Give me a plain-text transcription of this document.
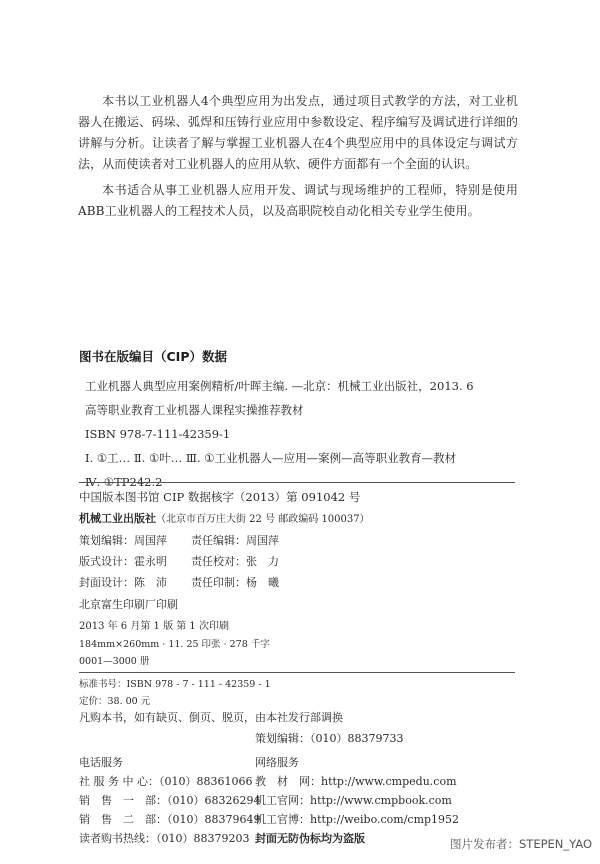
本书以工业机器人4个典型应用为出发点，通过项目式教学的方法，对工业机器人在搬运、码垛、弧焊和压铸行业应用中参数设定、程序编写及调试进行详细的讲解与分析。让读者了解与掌握工业机器人在4个典型应用中的具体设定与调试方法，从而使读者对工业机器人的应用从软、硬件方面都有一个全面的认识。

本书适合从事工业机器人应用开发、调试与现场维护的工程师，特别是使用ABB工业机器人的工程技术人员，以及高职院校自动化相关专业学生使用。

图书在版编目（CIP）数据
工业机器人典型应用案例精析/叶晖主编. —北京：机械工业出版社，2013. 6
高等职业教育工业机器人课程实操推荐教材
ISBN 978-7-111-42359-1
Ⅰ. ①工… Ⅱ. ①叶… Ⅲ. ①工业机器人—应用—案例—高等职业教育—教材
Ⅳ. ①TP242.2
中国版本图书馆 CIP 数据核字（2013）第 091042 号
机械工业出版社（北京市百万庄大街 22 号 邮政编码 100037）
策划编辑：周国萍 责任编辑：周国萍
版式设计：霍永明 责任校对：张　力
封面设计：陈　沛 责任印制：杨　曦
北京富生印刷厂印刷
2013 年 6 月第 1 版 第 1 次印刷
184mm×260mm · 11. 25 印张 · 278 千字
0001—3000 册
标准书号：ISBN 978 - 7 - 111 - 42359 - 1
定价：38. 00 元
凡购本书，如有缺页、倒页、脱页，由本社发行部调换
策划编辑：（010）88379733
电话服务
社 服 务 中 心：（010）88361066
销　售　一　部：（010）68326294
销　售　二　部：（010）88379649
读者购书热线：（010）88379203
网络服务
教　材　网：http://www.cmpedu.com
机工官网：http://www.cmpbook.com
机工官博：http://weibo.com/cmp1952
封面无防伪标均为盗版	图片发布者：STEPEN_YAO
